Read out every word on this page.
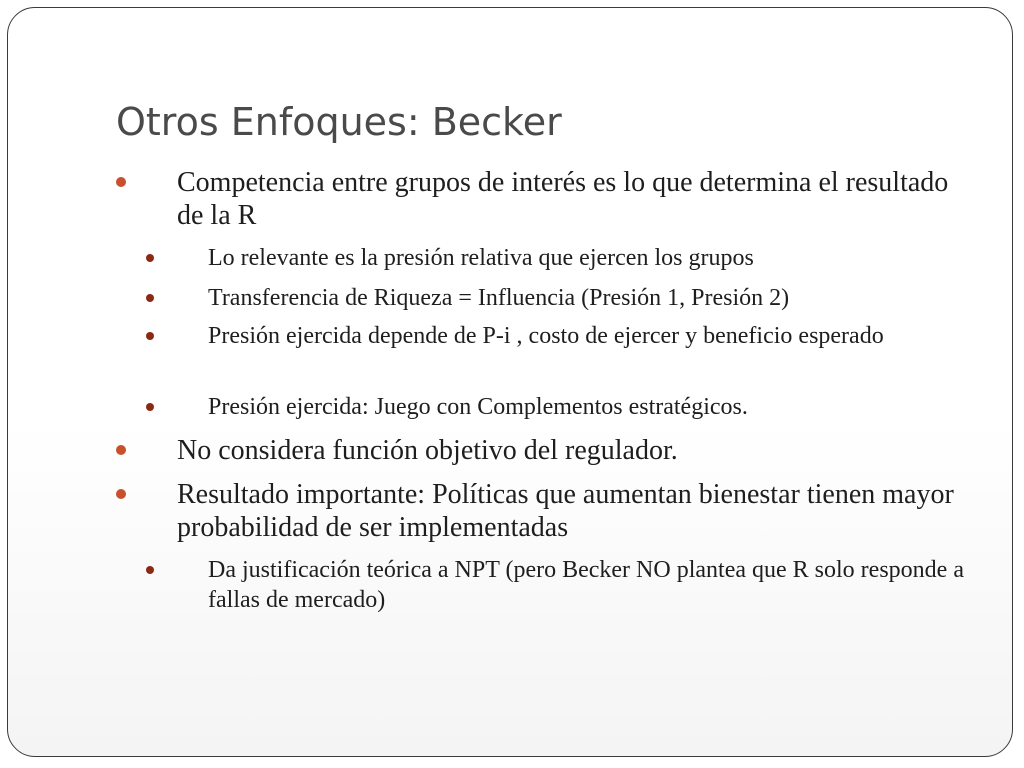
Otros Enfoques: Becker
Competencia entre grupos de interés es lo que determina el resultado de la R
Lo relevante es la presión relativa que ejercen los grupos
Transferencia de Riqueza = Influencia (Presión 1, Presión 2)
Presión ejercida depende de P-i , costo de ejercer y beneficio esperado
Presión ejercida: Juego con Complementos estratégicos.
No considera función objetivo del regulador.
Resultado importante: Políticas que aumentan bienestar tienen mayor probabilidad de ser implementadas
Da justificación teórica a NPT (pero Becker NO plantea que R solo responde a fallas de mercado)
